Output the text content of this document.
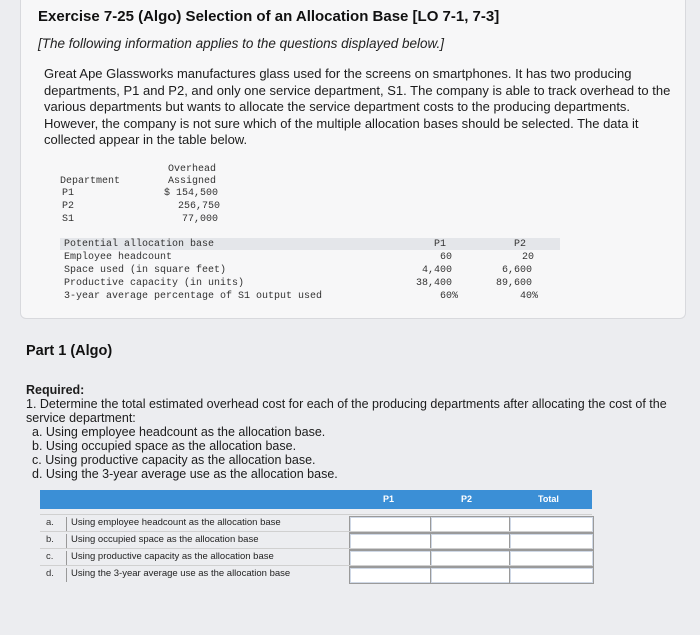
Exercise 7-25 (Algo) Selection of an Allocation Base [LO 7-1, 7-3]
[The following information applies to the questions displayed below.]
Great Ape Glassworks manufactures glass used for the screens on smartphones. It has two producing departments, P1 and P2, and only one service department, S1. The company is able to track overhead to the various departments but wants to allocate the service department costs to the producing departments. However, the company is not sure which of the multiple allocation bases should be selected. The data it collected appear in the table below.
Overhead
Assigned
Department
P1	$ 154,500
P2	256,750
S1	77,000
Potential allocation base	P1	P2
Employee headcount	60	20
Space used (in square feet)	4,400	6,600
Productive capacity (in units)	38,400	89,600
3-year average percentage of S1 output used	60%	40%
Part 1 (Algo)
Required:
1. Determine the total estimated overhead cost for each of the producing departments after allocating the cost of the service department:
a. Using employee headcount as the allocation base.
b. Using occupied space as the allocation base.
c. Using productive capacity as the allocation base.
d. Using the 3-year average use as the allocation base.
P1	P2	Total
a.	Using employee headcount as the allocation base
b.	Using occupied space as the allocation base
c.	Using productive capacity as the allocation base
d.	Using the 3-year average use as the allocation base
